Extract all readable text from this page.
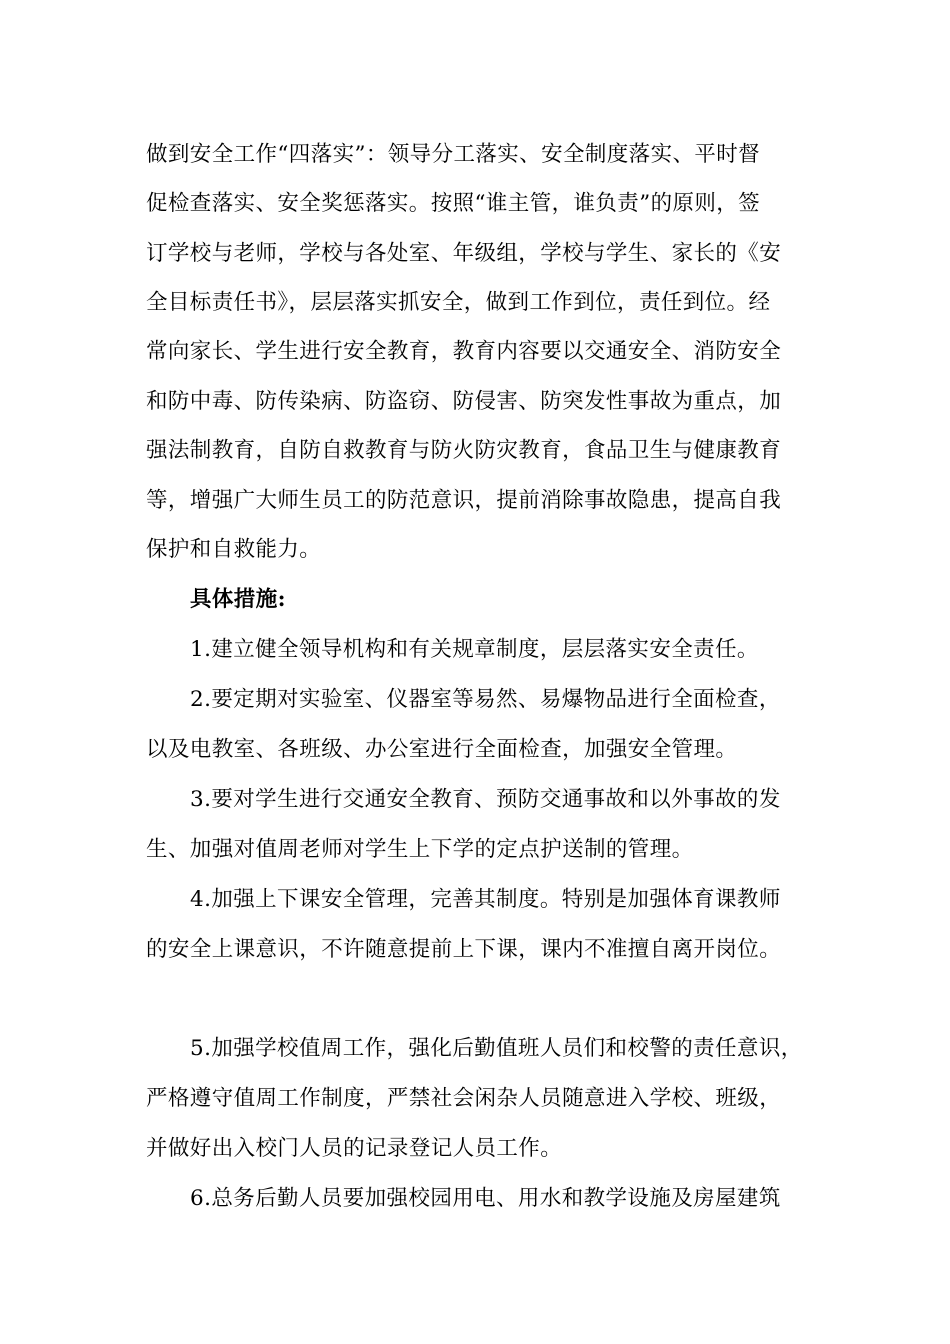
做到安全工作“四落实”：领导分工落实、安全制度落实、平时督
促检查落实、安全奖惩落实。按照“谁主管，谁负责”的原则，签
订学校与老师，学校与各处室、年级组，学校与学生、家长的《安
全目标责任书》，层层落实抓安全，做到工作到位，责任到位。经
常向家长、学生进行安全教育，教育内容要以交通安全、消防安全
和防中毒、防传染病、防盗窃、防侵害、防突发性事故为重点，加
强法制教育，自防自救教育与防火防灾教育，食品卫生与健康教育
等，增强广大师生员工的防范意识，提前消除事故隐患，提高自我
保护和自救能力。
具体措施:
1.建立健全领导机构和有关规章制度，层层落实安全责任。
2.要定期对实验室、仪器室等易然、易爆物品进行全面检查，
以及电教室、各班级、办公室进行全面检查，加强安全管理。
3.要对学生进行交通安全教育、预防交通事故和以外事故的发
生、加强对值周老师对学生上下学的定点护送制的管理。
4.加强上下课安全管理，完善其制度。特别是加强体育课教师
的安全上课意识，不许随意提前上下课，课内不准擅自离开岗位。
5.加强学校值周工作，强化后勤值班人员们和校警的责任意识，
严格遵守值周工作制度，严禁社会闲杂人员随意进入学校、班级，
并做好出入校门人员的记录登记人员工作。
6.总务后勤人员要加强校园用电、用水和教学设施及房屋建筑
